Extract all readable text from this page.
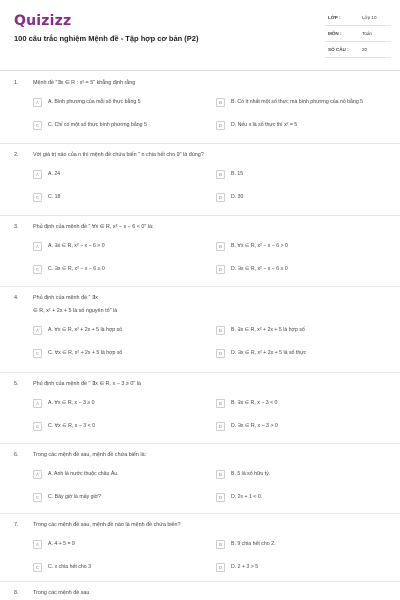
Quizizz
100 câu trắc nghiệm Mệnh đề - Tập hợp cơ bản (P2)
LỚP :	Lớp 10
MÔN :	Toán
SỐ CÂU :	20
1.	Mệnh đề "∃x ∈ R : x² = 5" khẳng định rằng
A	A. Bình phương của mỗi số thực bằng 5	B	B. Có ít nhất một số thực mà bình phương của nó bằng 5
C	C. Chỉ có một số thực bình phương bằng 5	D	D. Nếu x là số thực thì x² = 5
2.	Với giá trị nào của n thì mệnh đề chứa biến " n chia hết cho 9" là đúng?
A	A. 24	B	B. 15
C	C. 18	D	D. 30
3.	Phủ định của mệnh đề " ∀x ∈ R, x² − x − 6 < 0" là:
A	A. ∃x ∈ R, x² − x − 6 > 0	B	B. ∀x ∈ R, x² − x − 6 > 0
C	C. ∃x ∈ R, x² − x − 6 ≥ 0	D	D. ∃x ∈ R, x² − x − 6 ≥ 0
4.	Phủ định của mệnh đề " ∃x
∈ R, x² + 2x + 5 là số nguyên tố" là
A	A. ∀x ∈ R, x² + 2x + 5 là hợp số	B	B. ∃x ∈ R, x² + 2x + 5 là hợp số
C	C. ∀x ∈ R, x² + 2x + 5 là hợp số	D	D. ∃x ∈ R, x² + 2x + 5 là số thực
5.	Phủ định của mệnh đề " ∃x ∈ R, x − 3 ≥ 0" là
A	A. ∀x ∈ R, x − 3 ≥ 0	B	B. ∃x ∈ R, x − 3 < 0
C	C. ∀x ∈ R, x − 3 < 0	D	D. ∃x ∈ R, x − 3 > 0
6.	Trong các mệnh đề sau, mệnh đề chứa biến là:
A	A. Anh là nước thuộc châu Âu.	B	B. 5 là số hữu tỷ.
C	C. Bây giờ là mấy giờ?	D	D. 2x + 1 < 0.
7.	Trong các mệnh đề sau, mệnh đề nào là mệnh đề chứa biến?
A	A. 4 + 5 = 9	B	B. 9 chia hết cho 2.
C	C. x chia hết cho 3	D	D. 2 + 3 > 5
8.	Trong các mệnh đề sau
